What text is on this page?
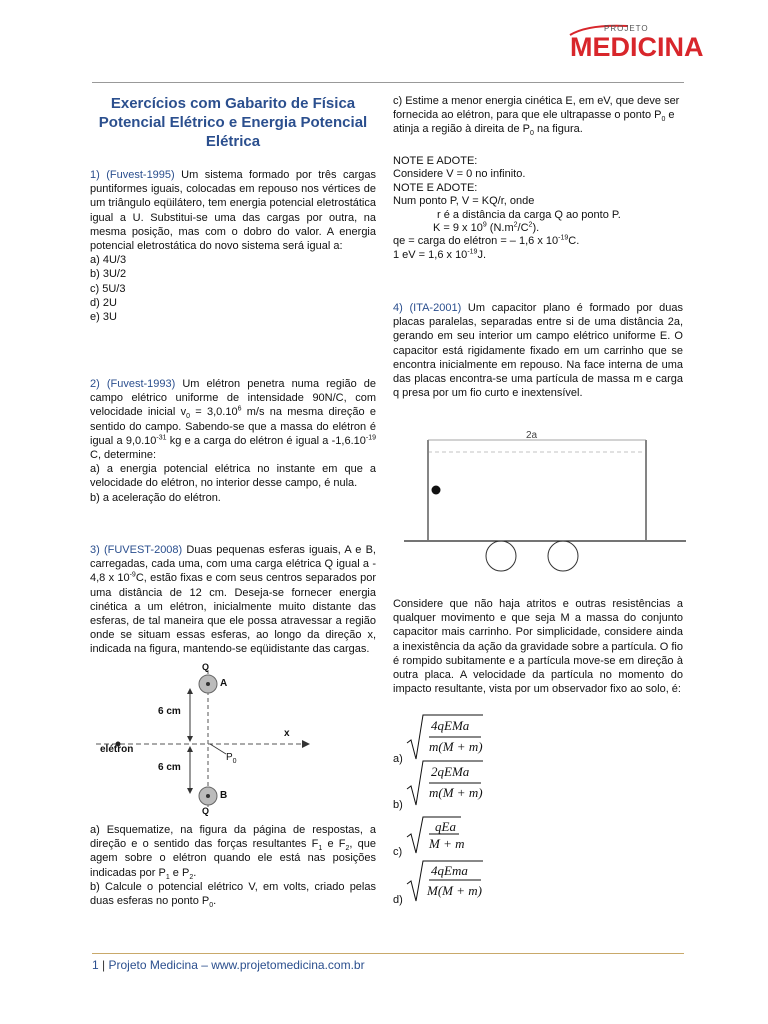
PROJETO
MEDICINA
Exercícios com Gabarito de Física Potencial Elétrico e Energia Potencial Elétrica

1) (Fuvest-1995) Um sistema formado por três cargas puntiformes iguais, colocadas em repouso nos vértices de um triângulo eqüilátero, tem energia potencial eletrostática igual a U. Substitui-se uma das cargas por outra, na mesma posição, mas com o dobro do valor. A energia potencial eletrostática do novo sistema será igual a:

a) 4U/3

b) 3U/2

c) 5U/3

d) 2U

e) 3U

2) (Fuvest-1993) Um elétron penetra numa região de campo elétrico uniforme de intensidade 90N/C, com velocidade inicial $v_0 = 3,0.10^6$ m/s na mesma direção e sentido do campo. Sabendo-se que a massa do elétron é igual a $9,0.10^{-31}$ kg e a carga do elétron é igual a $-1,6.10^{-19}$ C, determine:

a) a energia potencial elétrica no instante em que a velocidade do elétron, no interior desse campo, é nula.

b) a aceleração do elétron.

3) (FUVEST-2008) Duas pequenas esferas iguais, A e B, carregadas, cada uma, com uma carga elétrica Q igual a - 4,8 x $10^{-9}C$, estão fixas e com seus centros separados por uma distância de 12 cm. Deseja-se fornecer energia cinética a um elétron, inicialmente muito distante das esferas, de tal maneira que ele possa atravessar a região onde se situam essas esferas, ao longo da direção x, indicada na figura, mantendo-se eqüidistante das cargas.

Q
A
6 cm
x
elétron
$P_0$
6 cm
B
Q

a) Esquematize, na figura da página de respostas, a direção e o sentido das forças resultantes $F_1$ e $F_2$, que agem sobre o elétron quando ele está nas posições indicadas por $P_1$ e $P_2$.

b) Calcule o potencial elétrico V, em volts, criado pelas duas esferas no ponto $P_0$.

c) Estime a menor energia cinética E, em eV, que deve ser fornecida ao elétron, para que ele ultrapasse o ponto $P_0$ e atinja a região à direita de $P_0$ na figura.

NOTE E ADOTE:

Considere V = 0 no infinito.

NOTE E ADOTE:

Num ponto P, V = KQ/r, onde

r é a distância da carga Q ao ponto P.

K = 9 x $10^9$ $(N.m^2/C^2)$.

qe = carga do elétron = – 1,6 x $10^{-19}C$.

1 eV = 1,6 x $10^{-19}J$.

4) (ITA-2001) Um capacitor plano é formado por duas placas paralelas, separadas entre si de uma distância 2a, gerando em seu interior um campo elétrico uniforme E. O capacitor está rigidamente fixado em um carrinho que se encontra inicialmente em repouso. Na face interna de uma das placas encontra-se uma partícula de massa m e carga q presa por um fio curto e inextensível.

2a

Considere que não haja atritos e outras resistências a qualquer movimento e que seja M a massa do conjunto capacitor mais carrinho. Por simplicidade, considere ainda a inexistência da ação da gravidade sobre a partícula. O fio é rompido subitamente e a partícula move-se em direção à outra placa. A velocidade da partícula no momento do impacto resultante, vista por um observador fixo ao solo, é:

a)
b)
c)
d)
4qEMa
m(M + m)
2qEMa
m(M + m)
qEa
M + m
4qEma
M(M + m)
1 | Projeto Medicina – www.projetomedicina.com.br
